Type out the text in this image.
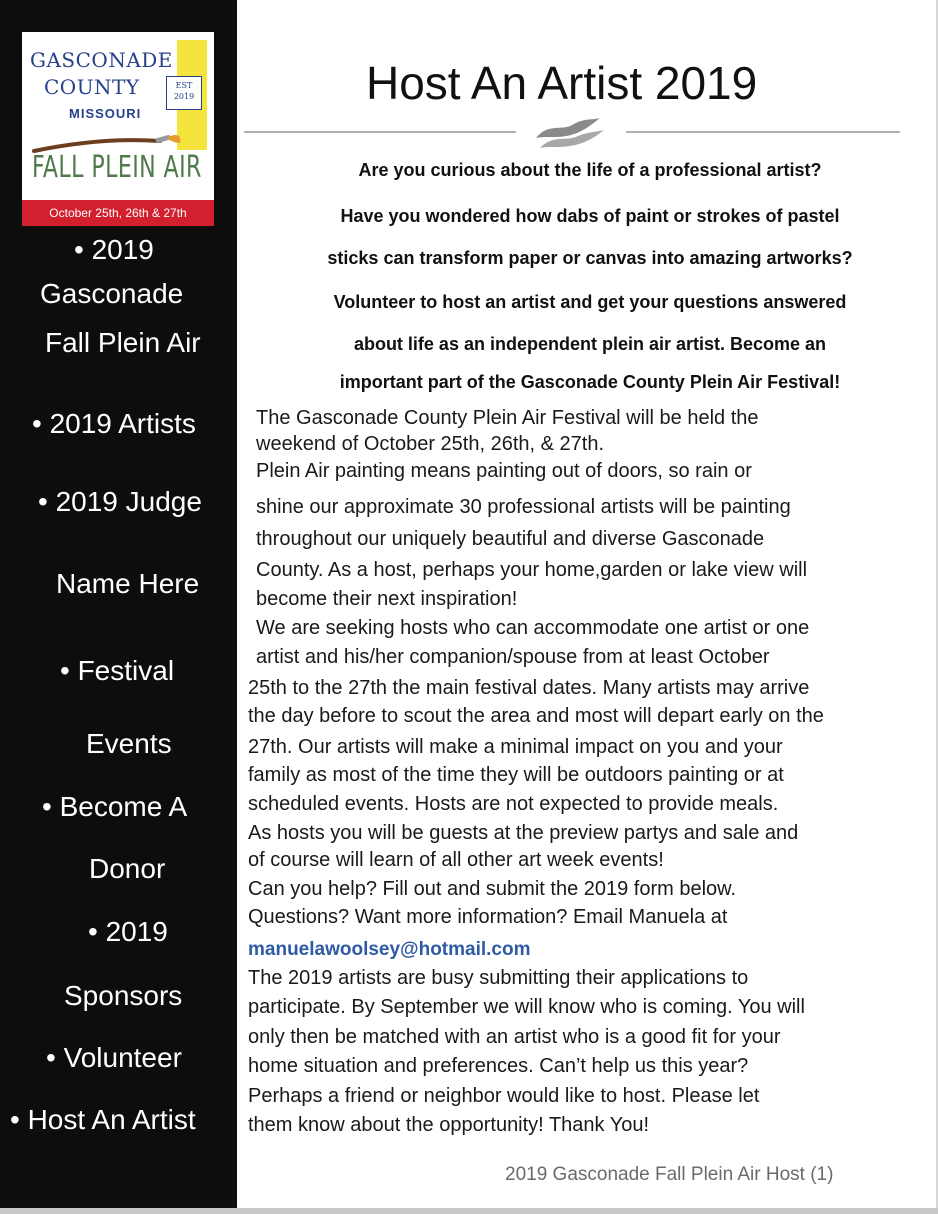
GASCONADE
COUNTY	EST
2019
MISSOURI
FALL PLEIN AIR
October 25th, 26th & 27th
• 2019
Gasconade
Fall Plein Air
• 2019 Artists
• 2019 Judge
Name Here
• Festival
Events
• Become A
Donor
• 2019
Sponsors
• Volunteer
• Host An Artist
Host An Artist 2019
Are you curious about the life of a professional artist?
Have you wondered how dabs of paint or strokes of pastel
sticks can transform paper or canvas into amazing artworks?
Volunteer to host an artist and get your questions answered
about life as an independent plein air artist. Become an
important part of the Gasconade County Plein Air Festival!
The Gasconade County Plein Air Festival will be held the
weekend of October 25th, 26th, & 27th.
Plein Air painting means painting out of doors, so rain or
shine our approximate 30 professional artists will be painting
throughout our uniquely beautiful and diverse Gasconade
County. As a host, perhaps your home,garden or lake view will
become their next inspiration!
We are seeking hosts who can accommodate one artist or one
artist and his/her companion/spouse from at least October
25th to the 27th the main festival dates. Many artists may arrive
the day before to scout the area and most will depart early on the
27th. Our artists will make a minimal impact on you and your
family as most of the time they will be outdoors painting or at
scheduled events. Hosts are not expected to provide meals.
As hosts you will be guests at the preview partys and sale and
of course will learn of all other art week events!
Can you help? Fill out and submit the 2019 form below.
Questions? Want more information? Email Manuela at
manuelawoolsey@hotmail.com
The 2019 artists are busy submitting their applications to
participate. By September we will know who is coming. You will
only then be matched with an artist who is a good fit for your
home situation and preferences. Can’t help us this year?
Perhaps a friend or neighbor would like to host. Please let
them know about the opportunity! Thank You!
2019 Gasconade Fall Plein Air Host (1)
